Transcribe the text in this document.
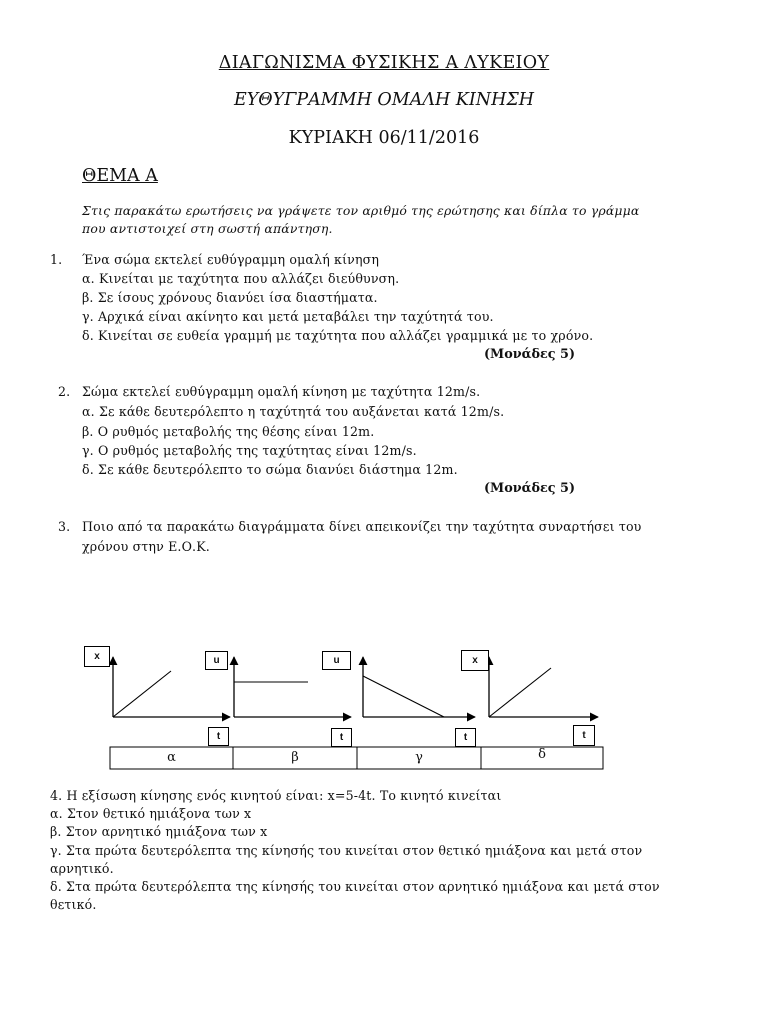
ΔΙΑΓΩΝΙΣΜΑ ΦΥΣΙΚΗΣ Α ΛΥΚΕΙΟΥ
ΕΥΘΥΓΡΑΜΜΗ ΟΜΑΛΗ ΚΙΝΗΣΗ
ΚΥΡΙΑΚΗ 06/11/2016
ΘΕΜΑ Α
Στις παρακάτω ερωτήσεις να γράψετε τον αριθμό της ερώτησης και δίπλα το γράμμα
που αντιστοιχεί στη σωστή απάντηση.
1. Ένα σώμα εκτελεί ευθύγραμμη ομαλή κίνηση
α. Κινείται με ταχύτητα που αλλάζει διεύθυνση.
β. Σε ίσους χρόνους διανύει ίσα διαστήματα.
γ. Αρχικά είναι ακίνητο και μετά μεταβάλει την ταχύτητά του.
δ. Κινείται σε ευθεία γραμμή με ταχύτητα που αλλάζει γραμμικά με το χρόνο.
(Μονάδες 5)
2. Σώμα εκτελεί ευθύγραμμη ομαλή κίνηση με ταχύτητα 12m/s.
α. Σε κάθε δευτερόλεπτο η ταχύτητά του αυξάνεται κατά 12m/s.
β. Ο ρυθμός μεταβολής της θέσης είναι 12m.
γ. Ο ρυθμός μεταβολής της ταχύτητας είναι 12m/s.
δ. Σε κάθε δευτερόλεπτο το σώμα διανύει διάστημα 12m.
(Μονάδες 5)
3. Ποιο από τα παρακάτω διαγράμματα δίνει απεικονίζει την ταχύτητα συναρτήσει του
χρόνου στην Ε.Ο.Κ.
x	u	u	x
t	t	t	t
α	β	γ	δ
4. Η εξίσωση κίνησης ενός κινητού είναι: x=5-4t. Το κινητό κινείται
α. Στον θετικό ημιάξονα των x
β. Στον αρνητικό ημιάξονα των x
γ. Στα πρώτα δευτερόλεπτα της κίνησής του κινείται στον θετικό ημιάξονα και μετά στον
αρνητικό.
δ. Στα πρώτα δευτερόλεπτα της κίνησής του κινείται στον αρνητικό ημιάξονα και μετά στον
θετικό.
